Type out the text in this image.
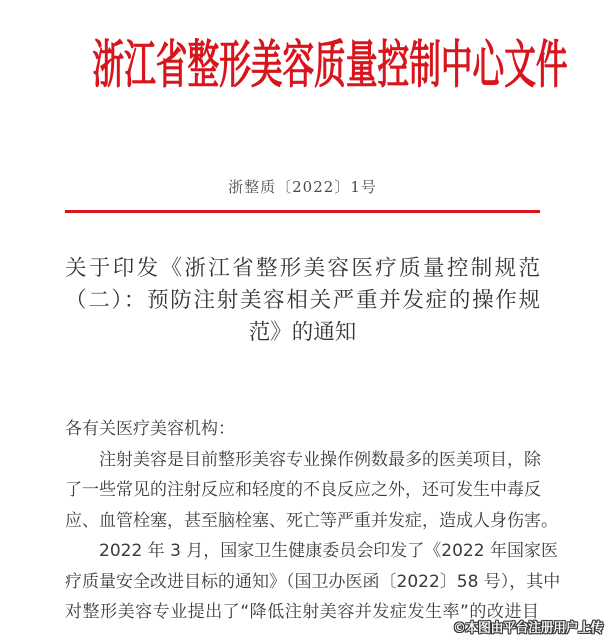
浙江省整形美容质量控制中心文件
浙整质〔2022〕1号
关于印发《浙江省整形美容医疗质量控制规范
（二）：预防注射美容相关严重并发症的操作规
范》的通知
各有关医疗美容机构：
注射美容是目前整形美容专业操作例数最多的医美项目，除
了一些常见的注射反应和轻度的不良反应之外，还可发生中毒反
应、血管栓塞，甚至脑栓塞、死亡等严重并发症，造成人身伤害。
2022 年 3 月，国家卫生健康委员会印发了《2022 年国家医
疗质量安全改进目标的通知》（国卫办医函〔2022〕58 号），其中
对整形美容专业提出了“降低注射美容并发症发生率”的改进目
©本图由平台注册用户上传
